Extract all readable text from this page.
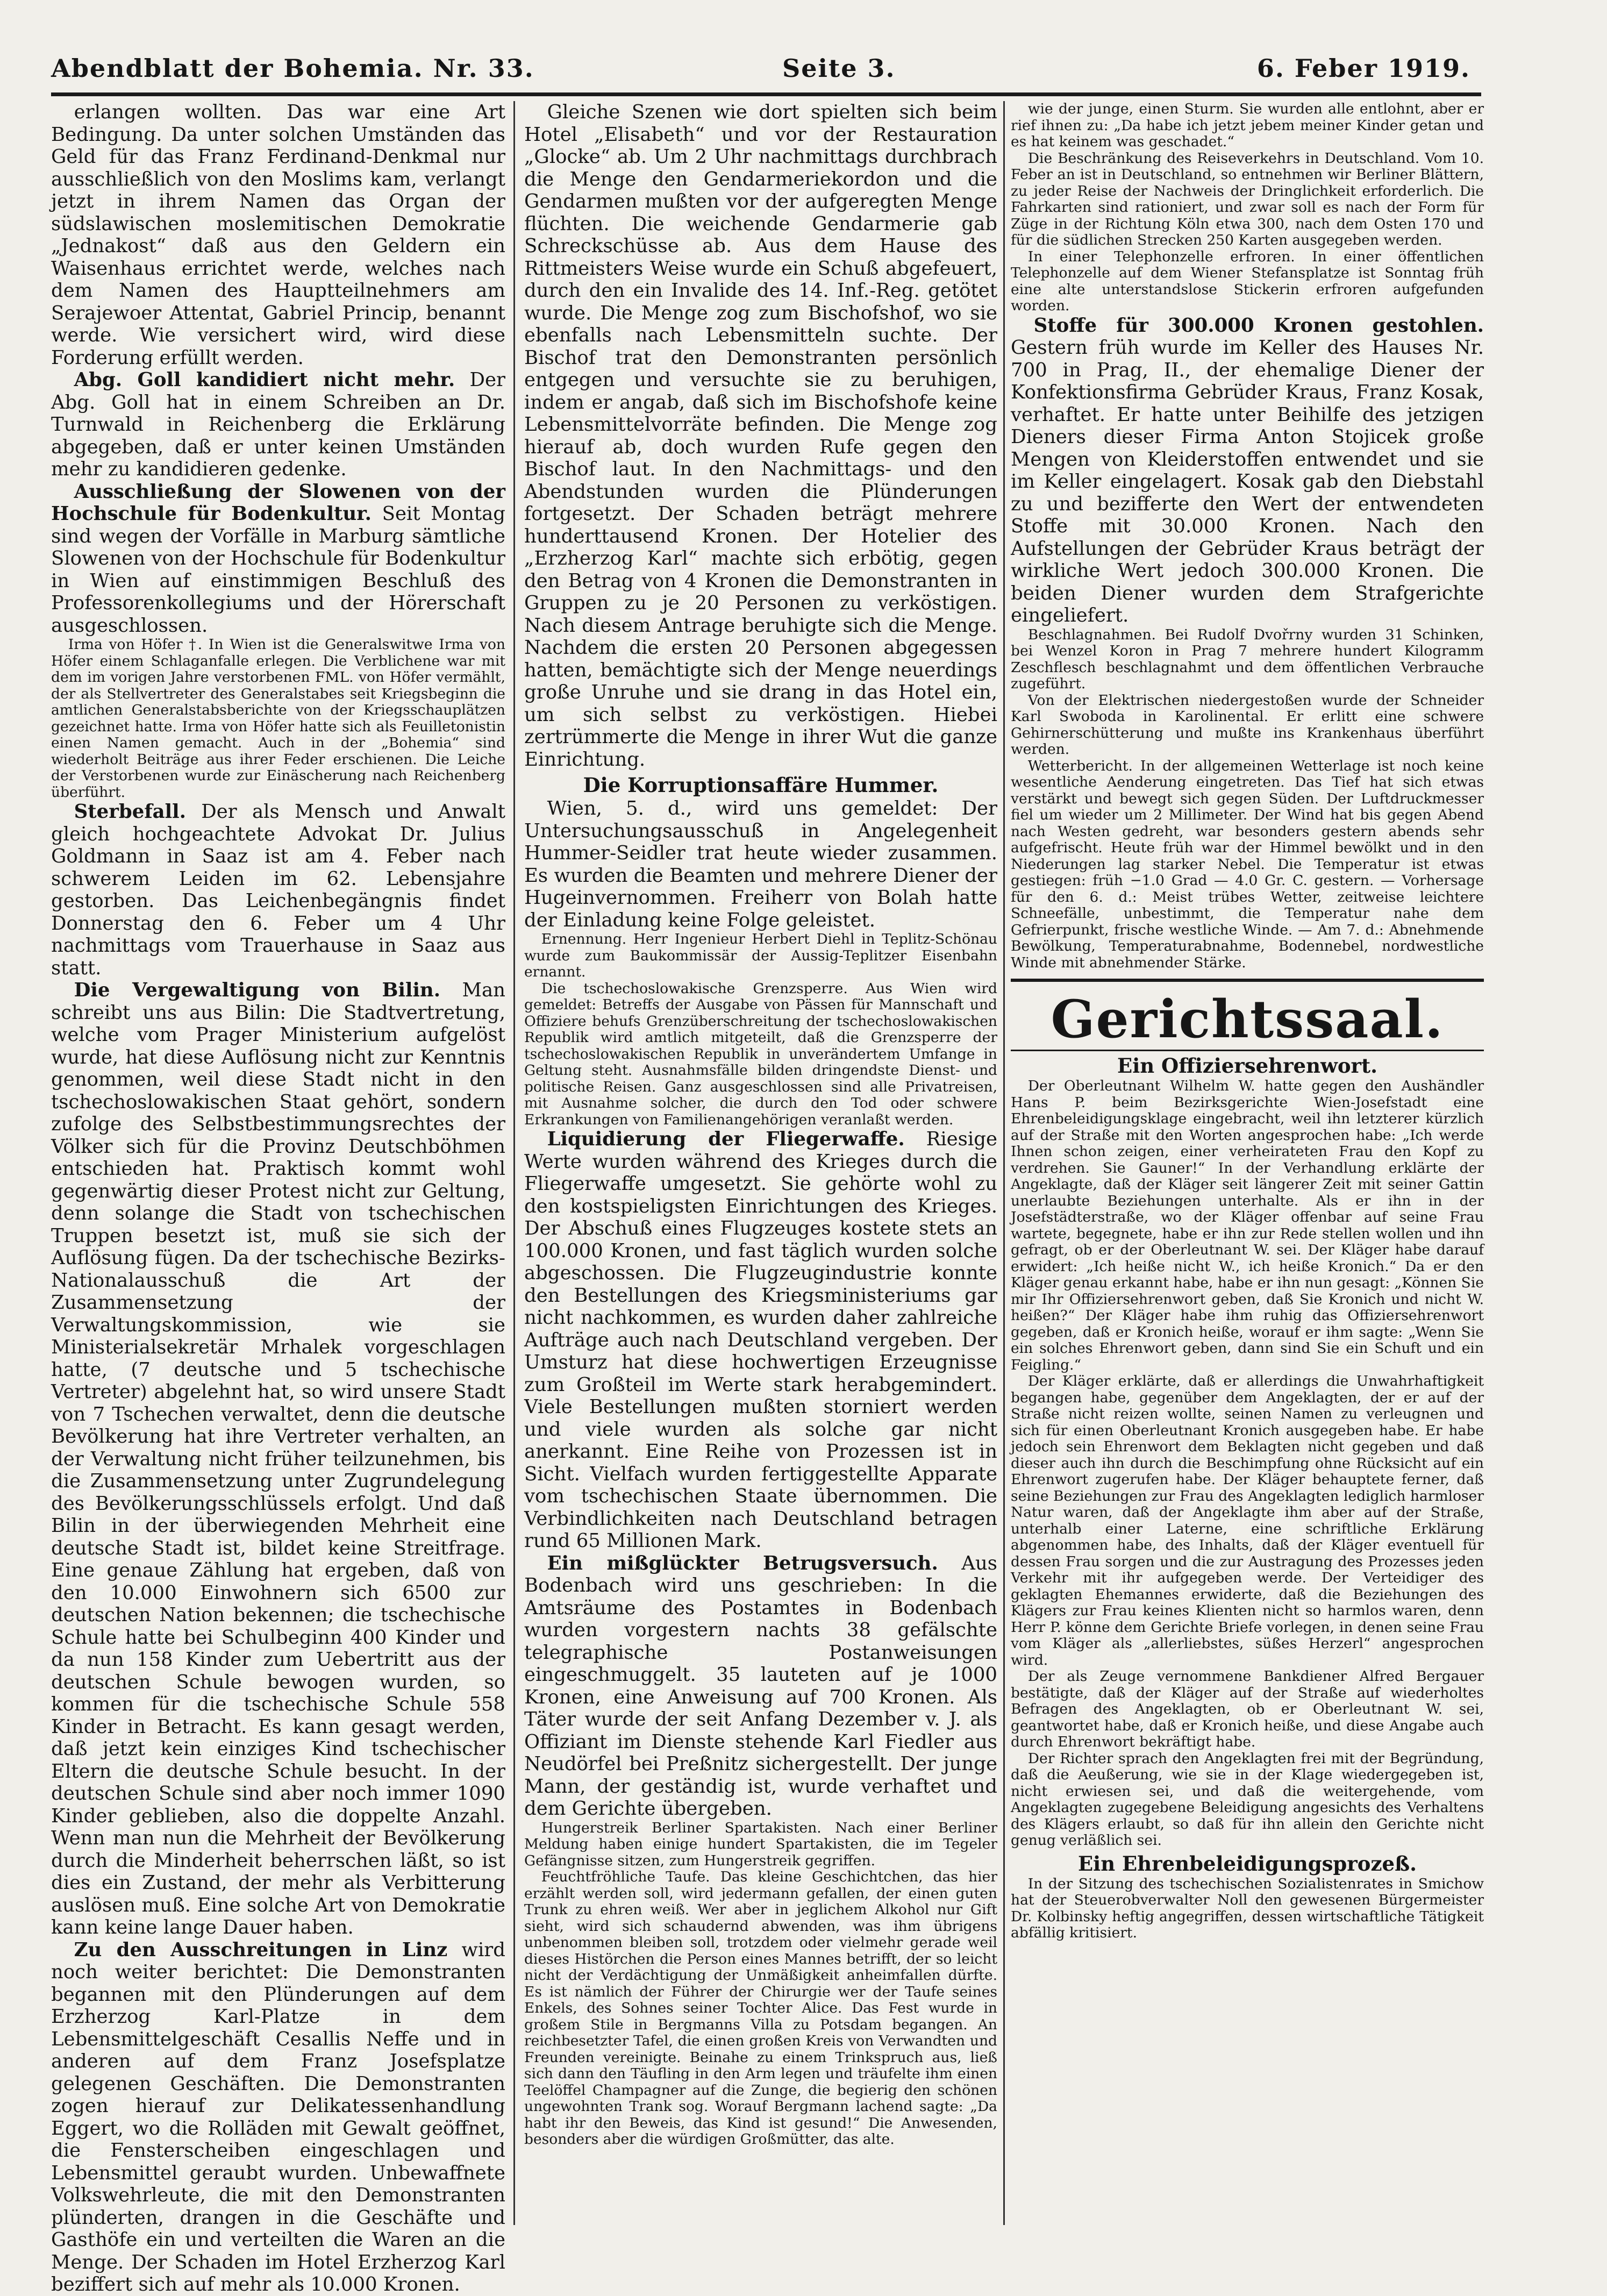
Abendblatt der Bohemia. Nr. 33.	Seite 3.	6. Feber 1919.

erlangen wollten. Das war eine Art Bedingung. Da unter solchen Umständen das Geld für das Franz Ferdinand-Denkmal nur ausschließlich von den Moslims kam, verlangt jetzt in ihrem Namen das Organ der südslawischen moslemitischen Demokratie „Jednakost“ daß aus den Geldern ein Waisenhaus errichtet werde, welches nach dem Namen des Hauptteilnehmers am Serajewoer Attentat, Gabriel Princip, benannt werde. Wie versichert wird, wird diese Forderung erfüllt werden.

Abg. Goll kandidiert nicht mehr. Der Abg. Goll hat in einem Schreiben an Dr. Turnwald in Reichenberg die Erklärung abgegeben, daß er unter keinen Umständen mehr zu kandidieren gedenke.

Ausschließung der Slowenen von der Hochschule für Bodenkultur. Seit Montag sind wegen der Vorfälle in Marburg sämtliche Slowenen von der Hochschule für Bodenkultur in Wien auf einstimmigen Beschluß des Professorenkollegiums und der Hörerschaft ausgeschlossen.

Irma von Höfer †. In Wien ist die Generalswitwe Irma von Höfer einem Schlaganfalle erlegen. Die Verblichene war mit dem im vorigen Jahre verstorbenen FML. von Höfer vermählt, der als Stellvertreter des Generalstabes seit Kriegsbeginn die amtlichen Generalstabsberichte von der Kriegsschauplätzen gezeichnet hatte. Irma von Höfer hatte sich als Feuilletonistin einen Namen gemacht. Auch in der „Bohemia“ sind wiederholt Beiträge aus ihrer Feder erschienen. Die Leiche der Verstorbenen wurde zur Einäscherung nach Reichenberg überführt.

Sterbefall. Der als Mensch und Anwalt gleich hochgeachtete Advokat Dr. Julius Goldmann in Saaz ist am 4. Feber nach schwerem Leiden im 62. Lebensjahre gestorben. Das Leichenbegängnis findet Donnerstag den 6. Feber um 4 Uhr nachmittags vom Trauerhause in Saaz aus statt.

Die Vergewaltigung von Bilin. Man schreibt uns aus Bilin: Die Stadtvertretung, welche vom Prager Ministerium aufgelöst wurde, hat diese Auflösung nicht zur Kenntnis genommen, weil diese Stadt nicht in den tschechoslowakischen Staat gehört, sondern zufolge des Selbstbestimmungsrechtes der Völker sich für die Provinz Deutschböhmen entschieden hat. Praktisch kommt wohl gegenwärtig dieser Protest nicht zur Geltung, denn solange die Stadt von tschechischen Truppen besetzt ist, muß sie sich der Auflösung fügen. Da der tschechische Bezirks-Nationalausschuß die Art der Zusammensetzung der Verwaltungskommission, wie sie Ministerialsekretär Mrhalek vorgeschlagen hatte, (7 deutsche und 5 tschechische Vertreter) abgelehnt hat, so wird unsere Stadt von 7 Tschechen verwaltet, denn die deutsche Bevölkerung hat ihre Vertreter verhalten, an der Verwaltung nicht früher teilzunehmen, bis die Zusammensetzung unter Zugrundelegung des Bevölkerungsschlüssels erfolgt. Und daß Bilin in der überwiegenden Mehrheit eine deutsche Stadt ist, bildet keine Streitfrage. Eine genaue Zählung hat ergeben, daß von den 10.000 Einwohnern sich 6500 zur deutschen Nation bekennen; die tschechische Schule hatte bei Schulbeginn 400 Kinder und da nun 158 Kinder zum Uebertritt aus der deutschen Schule bewogen wurden, so kommen für die tschechische Schule 558 Kinder in Betracht. Es kann gesagt werden, daß jetzt kein einziges Kind tschechischer Eltern die deutsche Schule besucht. In der deutschen Schule sind aber noch immer 1090 Kinder geblieben, also die doppelte Anzahl. Wenn man nun die Mehrheit der Bevölkerung durch die Minderheit beherrschen läßt, so ist dies ein Zustand, der mehr als Verbitterung auslösen muß. Eine solche Art von Demokratie kann keine lange Dauer haben.

Zu den Ausschreitungen in Linz wird noch weiter berichtet: Die Demonstranten begannen mit den Plünderungen auf dem Erzherzog Karl-Platze in dem Lebensmittelgeschäft Cesallis Neffe und in anderen auf dem Franz Josefsplatze gelegenen Geschäften. Die Demonstranten zogen hierauf zur Delikatessenhandlung Eggert, wo die Rolläden mit Gewalt geöffnet, die Fensterscheiben eingeschlagen und Lebensmittel geraubt wurden. Unbewaffnete Volkswehrleute, die mit den Demonstranten plünderten, drangen in die Geschäfte und Gasthöfe ein und verteilten die Waren an die Menge. Der Schaden im Hotel Erzherzog Karl beziffert sich auf mehr als 10.000 Kronen.

Gleiche Szenen wie dort spielten sich beim Hotel „Elisabeth“ und vor der Restauration „Glocke“ ab. Um 2 Uhr nachmittags durchbrach die Menge den Gendarmeriekordon und die Gendarmen mußten vor der aufgeregten Menge flüchten. Die weichende Gendarmerie gab Schreckschüsse ab. Aus dem Hause des Rittmeisters Weise wurde ein Schuß abgefeuert, durch den ein Invalide des 14. Inf.-Reg. getötet wurde. Die Menge zog zum Bischofshof, wo sie ebenfalls nach Lebensmitteln suchte. Der Bischof trat den Demonstranten persönlich entgegen und versuchte sie zu beruhigen, indem er angab, daß sich im Bischofshofe keine Lebensmittelvorräte befinden. Die Menge zog hierauf ab, doch wurden Rufe gegen den Bischof laut. In den Nachmittags- und den Abendstunden wurden die Plünderungen fortgesetzt. Der Schaden beträgt mehrere hunderttausend Kronen. Der Hotelier des „Erzherzog Karl“ machte sich erbötig, gegen den Betrag von 4 Kronen die Demonstranten in Gruppen zu je 20 Personen zu verköstigen. Nach diesem Antrage beruhigte sich die Menge. Nachdem die ersten 20 Personen abgegessen hatten, bemächtigte sich der Menge neuerdings große Unruhe und sie drang in das Hotel ein, um sich selbst zu verköstigen. Hiebei zertrümmerte die Menge in ihrer Wut die ganze Einrichtung.

Die Korruptionsaffäre Hummer.

Wien, 5. d., wird uns gemeldet: Der Untersuchungsausschuß in Angelegenheit Hummer-Seidler trat heute wieder zusammen. Es wurden die Beamten und mehrere Diener der Hugeinvernommen. Freiherr von Bolah hatte der Einladung keine Folge geleistet.

Ernennung. Herr Ingenieur Herbert Diehl in Teplitz-Schönau wurde zum Baukommissär der Aussig-Teplitzer Eisenbahn ernannt.

Die tschechoslowakische Grenzsperre. Aus Wien wird gemeldet: Betreffs der Ausgabe von Pässen für Mannschaft und Offiziere behufs Grenzüberschreitung der tschechoslowakischen Republik wird amtlich mitgeteilt, daß die Grenzsperre der tschechoslowakischen Republik in unverändertem Umfange in Geltung steht. Ausnahmsfälle bilden dringendste Dienst- und politische Reisen. Ganz ausgeschlossen sind alle Privatreisen, mit Ausnahme solcher, die durch den Tod oder schwere Erkrankungen von Familienangehörigen veranlaßt werden.

Liquidierung der Fliegerwaffe. Riesige Werte wurden während des Krieges durch die Fliegerwaffe umgesetzt. Sie gehörte wohl zu den kostspieligsten Einrichtungen des Krieges. Der Abschuß eines Flugzeuges kostete stets an 100.000 Kronen, und fast täglich wurden solche abgeschossen. Die Flugzeugindustrie konnte den Bestellungen des Kriegsministeriums gar nicht nachkommen, es wurden daher zahlreiche Aufträge auch nach Deutschland vergeben. Der Umsturz hat diese hochwertigen Erzeugnisse zum Großteil im Werte stark herabgemindert. Viele Bestellungen mußten storniert werden und viele wurden als solche gar nicht anerkannt. Eine Reihe von Prozessen ist in Sicht. Vielfach wurden fertiggestellte Apparate vom tschechischen Staate übernommen. Die Verbindlichkeiten nach Deutschland betragen rund 65 Millionen Mark.

Ein mißglückter Betrugsversuch. Aus Bodenbach wird uns geschrieben: In die Amtsräume des Postamtes in Bodenbach wurden vorgestern nachts 38 gefälschte telegraphische Postanweisungen eingeschmuggelt. 35 lauteten auf je 1000 Kronen, eine Anweisung auf 700 Kronen. Als Täter wurde der seit Anfang Dezember v. J. als Offiziant im Dienste stehende Karl Fiedler aus Neudörfel bei Preßnitz sichergestellt. Der junge Mann, der geständig ist, wurde verhaftet und dem Gerichte übergeben.

Hungerstreik Berliner Spartakisten. Nach einer Berliner Meldung haben einige hundert Spartakisten, die im Tegeler Gefängnisse sitzen, zum Hungerstreik gegriffen.

Feuchtfröhliche Taufe. Das kleine Geschichtchen, das hier erzählt werden soll, wird jedermann gefallen, der einen guten Trunk zu ehren weiß. Wer aber in jeglichem Alkohol nur Gift sieht, wird sich schaudernd abwenden, was ihm übrigens unbenommen bleiben soll, trotzdem oder vielmehr gerade weil dieses Histörchen die Person eines Mannes betrifft, der so leicht nicht der Verdächtigung der Unmäßigkeit anheimfallen dürfte. Es ist nämlich der Führer der Chirurgie wer der Taufe seines Enkels, des Sohnes seiner Tochter Alice. Das Fest wurde in großem Stile in Bergmanns Villa zu Potsdam begangen. An reichbesetzter Tafel, die einen großen Kreis von Verwandten und Freunden vereinigte. Beinahe zu einem Trinkspruch aus, ließ sich dann den Täufling in den Arm legen und träufelte ihm einen Teelöffel Champagner auf die Zunge, die begierig den schönen ungewohnten Trank sog. Worauf Bergmann lachend sagte: „Da habt ihr den Beweis, das Kind ist gesund!“ Die Anwesenden, besonders aber die würdigen Großmütter, das alte.

wie der junge, einen Sturm. Sie wurden alle entlohnt, aber er rief ihnen zu: „Da habe ich jetzt jebem meiner Kinder getan und es hat keinem was geschadet.“

Die Beschränkung des Reiseverkehrs in Deutschland. Vom 10. Feber an ist in Deutschland, so entnehmen wir Berliner Blättern, zu jeder Reise der Nachweis der Dringlichkeit erforderlich. Die Fahrkarten sind rationiert, und zwar soll es nach der Form für Züge in der Richtung Köln etwa 300, nach dem Osten 170 und für die südlichen Strecken 250 Karten ausgegeben werden.

In einer Telephonzelle erfroren. In einer öffentlichen Telephonzelle auf dem Wiener Stefansplatze ist Sonntag früh eine alte unterstandslose Stickerin erfroren aufgefunden worden.

Stoffe für 300.000 Kronen gestohlen. Gestern früh wurde im Keller des Hauses Nr. 700 in Prag, II., der ehemalige Diener der Konfektionsfirma Gebrüder Kraus, Franz Kosak, verhaftet. Er hatte unter Beihilfe des jetzigen Dieners dieser Firma Anton Stojicek große Mengen von Kleiderstoffen entwendet und sie im Keller eingelagert. Kosak gab den Diebstahl zu und bezifferte den Wert der entwendeten Stoffe mit 30.000 Kronen. Nach den Aufstellungen der Gebrüder Kraus beträgt der wirkliche Wert jedoch 300.000 Kronen. Die beiden Diener wurden dem Strafgerichte eingeliefert.

Beschlagnahmen. Bei Rudolf Dvořrny wurden 31 Schinken, bei Wenzel Koron in Prag 7 mehrere hundert Kilogramm Zeschflesch beschlagnahmt und dem öffentlichen Verbrauche zugeführt.

Von der Elektrischen niedergestoßen wurde der Schneider Karl Swoboda in Karolinental. Er erlitt eine schwere Gehirnerschütterung und mußte ins Krankenhaus überführt werden.

Wetterbericht. In der allgemeinen Wetterlage ist noch keine wesentliche Aenderung eingetreten. Das Tief hat sich etwas verstärkt und bewegt sich gegen Süden. Der Luftdruckmesser fiel um wieder um 2 Millimeter. Der Wind hat bis gegen Abend nach Westen gedreht, war besonders gestern abends sehr aufgefrischt. Heute früh war der Himmel bewölkt und in den Niederungen lag starker Nebel. Die Temperatur ist etwas gestiegen: früh −1.0 Grad — 4.0 Gr. C. gestern. — Vorhersage für den 6. d.: Meist trübes Wetter, zeitweise leichtere Schneefälle, unbestimmt, die Temperatur nahe dem Gefrierpunkt, frische westliche Winde. — Am 7. d.: Abnehmende Bewölkung, Temperaturabnahme, Bodennebel, nordwestliche Winde mit abnehmender Stärke.

Gerichtssaal.
Ein Offiziersehrenwort.

Der Oberleutnant Wilhelm W. hatte gegen den Aushändler Hans P. beim Bezirksgerichte Wien-Josefstadt eine Ehrenbeleidigungsklage eingebracht, weil ihn letzterer kürzlich auf der Straße mit den Worten angesprochen habe: „Ich werde Ihnen schon zeigen, einer verheirateten Frau den Kopf zu verdrehen. Sie Gauner!“ In der Verhandlung erklärte der Angeklagte, daß der Kläger seit längerer Zeit mit seiner Gattin unerlaubte Beziehungen unterhalte. Als er ihn in der Josefstädterstraße, wo der Kläger offenbar auf seine Frau wartete, begegnete, habe er ihn zur Rede stellen wollen und ihn gefragt, ob er der Oberleutnant W. sei. Der Kläger habe darauf erwidert: „Ich heiße nicht W., ich heiße Kronich.“ Da er den Kläger genau erkannt habe, habe er ihn nun gesagt: „Können Sie mir Ihr Offiziersehrenwort geben, daß Sie Kronich und nicht W. heißen?“ Der Kläger habe ihm ruhig das Offiziersehrenwort gegeben, daß er Kronich heiße, worauf er ihm sagte: „Wenn Sie ein solches Ehrenwort geben, dann sind Sie ein Schuft und ein Feigling.“

Der Kläger erklärte, daß er allerdings die Unwahrhaftigkeit begangen habe, gegenüber dem Angeklagten, der er auf der Straße nicht reizen wollte, seinen Namen zu verleugnen und sich für einen Oberleutnant Kronich ausgegeben habe. Er habe jedoch sein Ehrenwort dem Beklagten nicht gegeben und daß dieser auch ihn durch die Beschimpfung ohne Rücksicht auf ein Ehrenwort zugerufen habe. Der Kläger behauptete ferner, daß seine Beziehungen zur Frau des Angeklagten lediglich harmloser Natur waren, daß der Angeklagte ihm aber auf der Straße, unterhalb einer Laterne, eine schriftliche Erklärung abgenommen habe, des Inhalts, daß der Kläger eventuell für dessen Frau sorgen und die zur Austragung des Prozesses jeden Verkehr mit ihr aufgegeben werde. Der Verteidiger des geklagten Ehemannes erwiderte, daß die Beziehungen des Klägers zur Frau keines Klienten nicht so harmlos waren, denn Herr P. könne dem Gerichte Briefe vorlegen, in denen seine Frau vom Kläger als „allerliebstes, süßes Herzerl“ angesprochen wird.

Der als Zeuge vernommene Bankdiener Alfred Bergauer bestätigte, daß der Kläger auf der Straße auf wiederholtes Befragen des Angeklagten, ob er Oberleutnant W. sei, geantwortet habe, daß er Kronich heiße, und diese Angabe auch durch Ehrenwort bekräftigt habe.

Der Richter sprach den Angeklagten frei mit der Begründung, daß die Aeußerung, wie sie in der Klage wiedergegeben ist, nicht erwiesen sei, und daß die weitergehende, vom Angeklagten zugegebene Beleidigung angesichts des Verhaltens des Klägers erlaubt, so daß für ihn allein den Gerichte nicht genug verläßlich sei.

Ein Ehrenbeleidigungsprozeß.

In der Sitzung des tschechischen Sozialistenrates in Smichow hat der Steuerobverwalter Noll den gewesenen Bürgermeister Dr. Kolbinsky heftig angegriffen, dessen wirtschaftliche Tätigkeit abfällig kritisiert.
